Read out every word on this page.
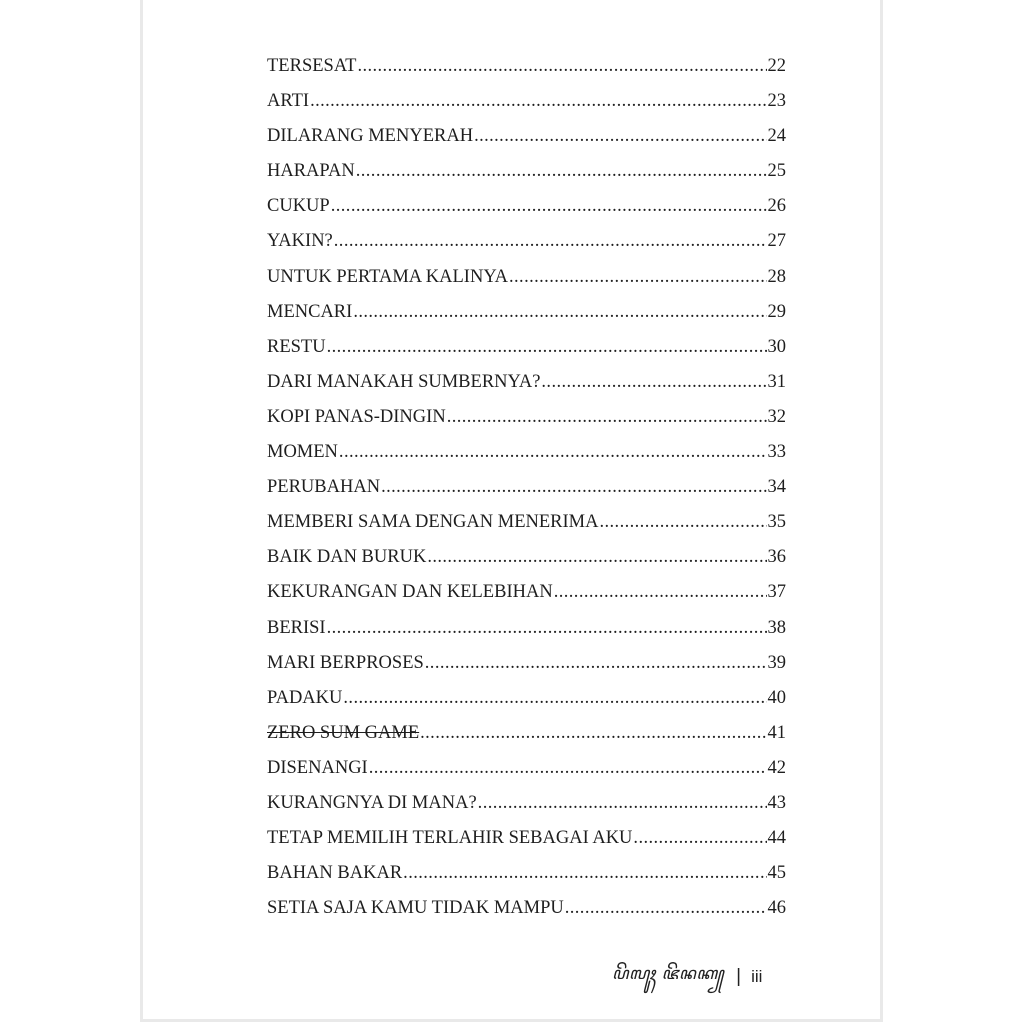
TERSESAT .....	22
ARTI .....	23
DILARANG MENYERAH .....	24
HARAPAN .....	25
CUKUP .....	26
YAKIN? .....	27
UNTUK PERTAMA KALINYA .....	28
MENCARI .....	29
RESTU .....	30
DARI MANAKAH SUMBERNYA? .....	31
KOPI PANAS-DINGIN .....	32
MOMEN .....	33
PERUBAHAN .....	34
MEMBERI SAMA DENGAN MENERIMA .....	35
BAIK DAN BURUK .....	36
KEKURANGAN DAN KELEBIHAN .....	37
BERISI .....	38
MARI BERPROSES .....	39
PADAKU .....	40
ZERO SUM GAME .....	41
DISENANGI .....	42
KURANGNYA DI MANA? .....	43
TETAP MEMILIH TERLAHIR SEBAGAI AKU .....	44
BAHAN BAKAR .....	45
SETIA SAJA KAMU TIDAK MAMPU .....	46
ꦥꦼꦭꦸꦃ ꦗꦼꦤꦏ꧀ | iii
